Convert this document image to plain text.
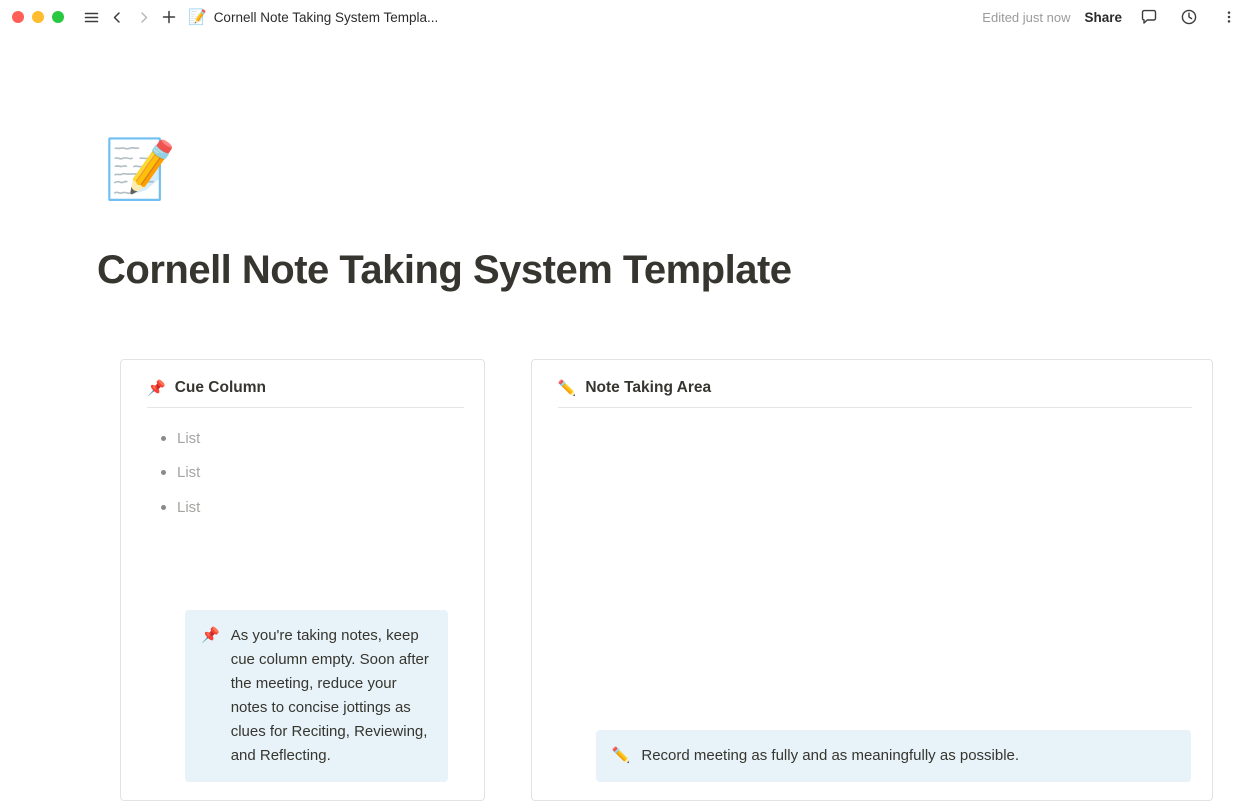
📝 Cornell Note Taking System Templa...	Edited just now Share
📝
Cornell Note Taking System Template
📌 Cue Column
List
List
List
📌 As you're taking notes, keep cue column empty. Soon after the meeting, reduce your notes to concise jottings as clues for Reciting, Reviewing, and Reflecting.
✏️ Note Taking Area
✏️ Record meeting as fully and as meaningfully as possible.
